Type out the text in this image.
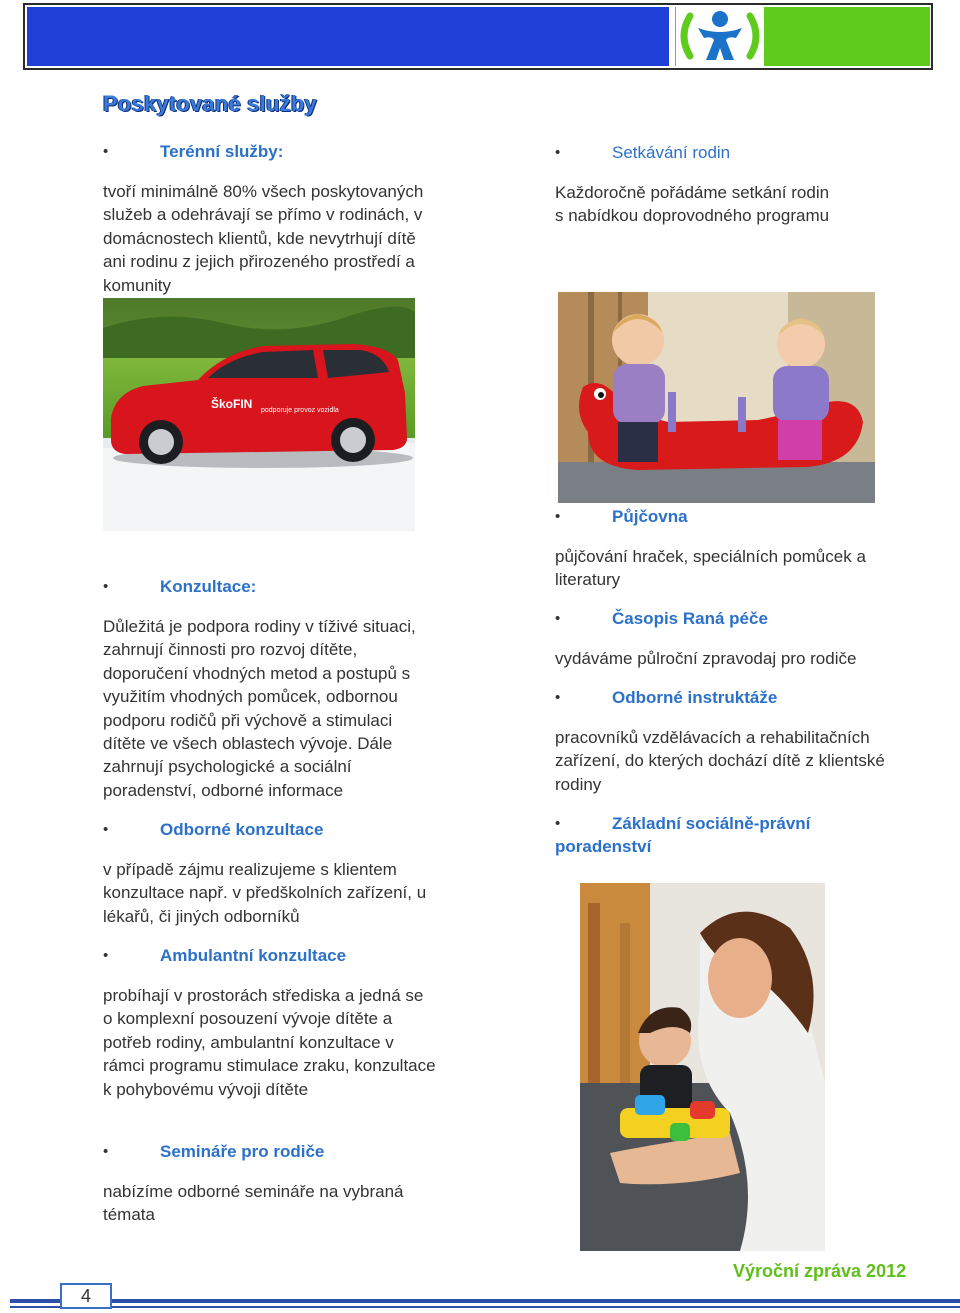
Poskytované služby
•	Terénní služby:
tvoří minimálně 80% všech poskytovaných
služeb a odehrávají se přímo v rodinách, v
domácnostech klientů, kde nevytrhují dítě
ani rodinu z jejich přirozeného prostředí a
komunity
ŠkoFIN podporuje provoz vozidla
•	Konzultace:
Důležitá je podpora rodiny v tíživé situaci,
zahrnují činnosti pro rozvoj dítěte,
doporučení vhodných metod a postupů s
využitím vhodných pomůcek, odbornou
podporu rodičů při výchově a stimulaci
dítěte ve všech oblastech vývoje. Dále
zahrnují psychologické a sociální
poradenství, odborné informace
•	Odborné konzultace
v případě zájmu realizujeme s klientem
konzultace např. v předškolních zařízení, u
lékařů, či jiných odborníků
•	Ambulantní konzultace
probíhají v prostorách střediska a jedná se
o komplexní posouzení vývoje dítěte a
potřeb rodiny, ambulantní konzultace v
rámci programu stimulace zraku, konzultace
k pohybovému vývoji dítěte
•	Semináře pro rodiče
nabízíme odborné semináře na vybraná
témata
•	Setkávání rodin
Každoročně pořádáme setkání rodin
s nabídkou doprovodného programu
•	Půjčovna
půjčování hraček, speciálních pomůcek a
literatury
•	Časopis Raná péče
vydáváme půlroční zpravodaj pro rodiče
•	Odborné instruktáže
pracovníků vzdělávacích a rehabilitačních
zařízení, do kterých dochází dítě z klientské
rodiny
•	Základní sociálně-právní
poradenství
Výroční zpráva 2012
4
